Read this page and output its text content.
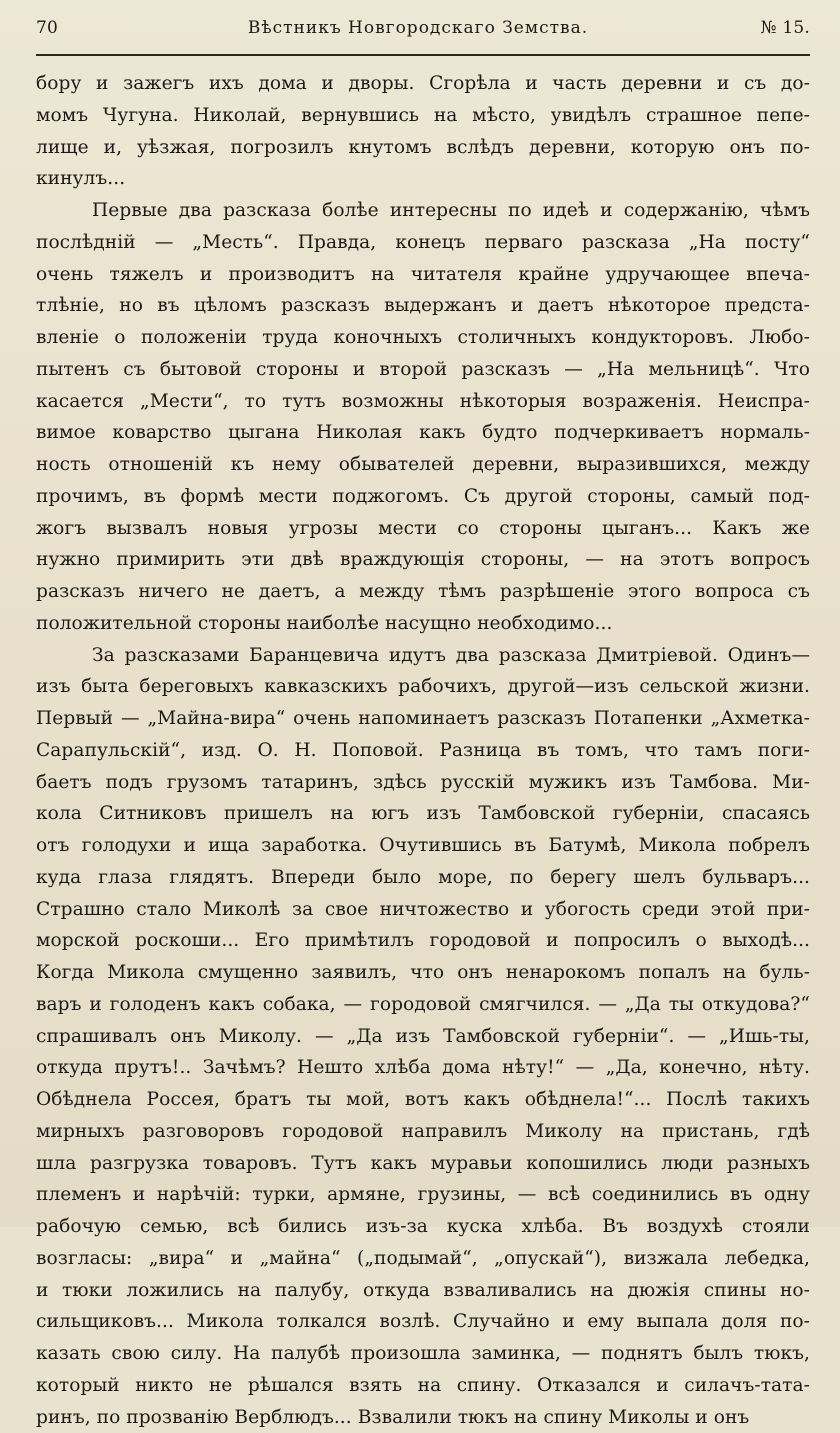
70	Вѣстникъ Новгородскаго Земства.	№ 15.
бору и зажегъ ихъ дома и дворы. Сгорѣла и часть деревни и съ до-
момъ Чугуна. Николай, вернувшись на мѣсто, увидѣлъ страшное пепе-
лище и, уѣзжая, погрозилъ кнутомъ вслѣдъ деревни, которую онъ по-
кинулъ...
Первые два разсказа болѣе интересны по идеѣ и содержанію, чѣмъ
послѣдній — „Месть“. Правда, конецъ перваго разсказа „На посту“
очень тяжелъ и производитъ на читателя крайне удручающее впеча-
тлѣніе, но въ цѣломъ разсказъ выдержанъ и даетъ нѣкоторое предста-
вленіе о положеніи труда коночныхъ столичныхъ кондукторовъ. Любо-
пытенъ съ бытовой стороны и второй разсказъ — „На мельницѣ“. Что
касается „Мести“, то тутъ возможны нѣкоторыя возраженія. Неиспра-
вимое коварство цыгана Николая какъ будто подчеркиваетъ нормаль-
ность отношеній къ нему обывателей деревни, выразившихся, между
прочимъ, въ формѣ мести поджогомъ. Съ другой стороны, самый под-
жогъ вызвалъ новыя угрозы мести со стороны цыганъ... Какъ же
нужно примирить эти двѣ враждующія стороны, — на этотъ вопросъ
разсказъ ничего не даетъ, а между тѣмъ разрѣшеніе этого вопроса съ
положительной стороны наиболѣе насущно необходимо...
За разсказами Баранцевича идутъ два разсказа Дмитріевой. Одинъ—
изъ быта береговыхъ кавказскихъ рабочихъ, другой—изъ сельской жизни.
Первый — „Майна-вира“ очень напоминаетъ разсказъ Потапенки „Ахметка-
Сарапульскій“, изд. О. Н. Поповой. Разница въ томъ, что тамъ поги-
баетъ подъ грузомъ татаринъ, здѣсь русскій мужикъ изъ Тамбова. Ми-
кола Ситниковъ пришелъ на югъ изъ Тамбовской губерніи, спасаясь
отъ голодухи и ища заработка. Очутившись въ Батумѣ, Микола побрелъ
куда глаза глядятъ. Впереди было море, по берегу шелъ бульваръ...
Страшно стало Миколѣ за свое ничтожество и убогость среди этой при-
морской роскоши... Его примѣтилъ городовой и попросилъ о выходѣ...
Когда Микола смущенно заявилъ, что онъ ненарокомъ попалъ на буль-
варъ и голоденъ какъ собака, — городовой смягчился. — „Да ты откудова?“
спрашивалъ онъ Миколу. — „Да изъ Тамбовской губерніи“. — „Ишь-ты,
откуда прутъ!.. Зачѣмъ? Нешто хлѣба дома нѣту!“ — „Да, конечно, нѣту.
Обѣднела Россея, братъ ты мой, вотъ какъ обѣднела!“... Послѣ такихъ
мирныхъ разговоровъ городовой направилъ Миколу на пристань, гдѣ
шла разгрузка товаровъ. Тутъ какъ муравьи копошились люди разныхъ
племенъ и нарѣчій: турки, армяне, грузины, — всѣ соединились въ одну
рабочую семью, всѣ бились изъ-за куска хлѣба. Въ воздухѣ стояли
возгласы: „вира“ и „майна“ („подымай“, „опускай“), визжала лебедка,
и тюки ложились на палубу, откуда взваливались на дюжія спины но-
сильщиковъ... Микола толкался возлѣ. Случайно и ему выпала доля по-
казать свою силу. На палубѣ произошла заминка, — поднятъ былъ тюкъ,
который никто не рѣшался взять на спину. Отказался и силачъ-тата-
ринъ, по прозванію Верблюдъ... Взвалили тюкъ на спину Миколы и онъ
